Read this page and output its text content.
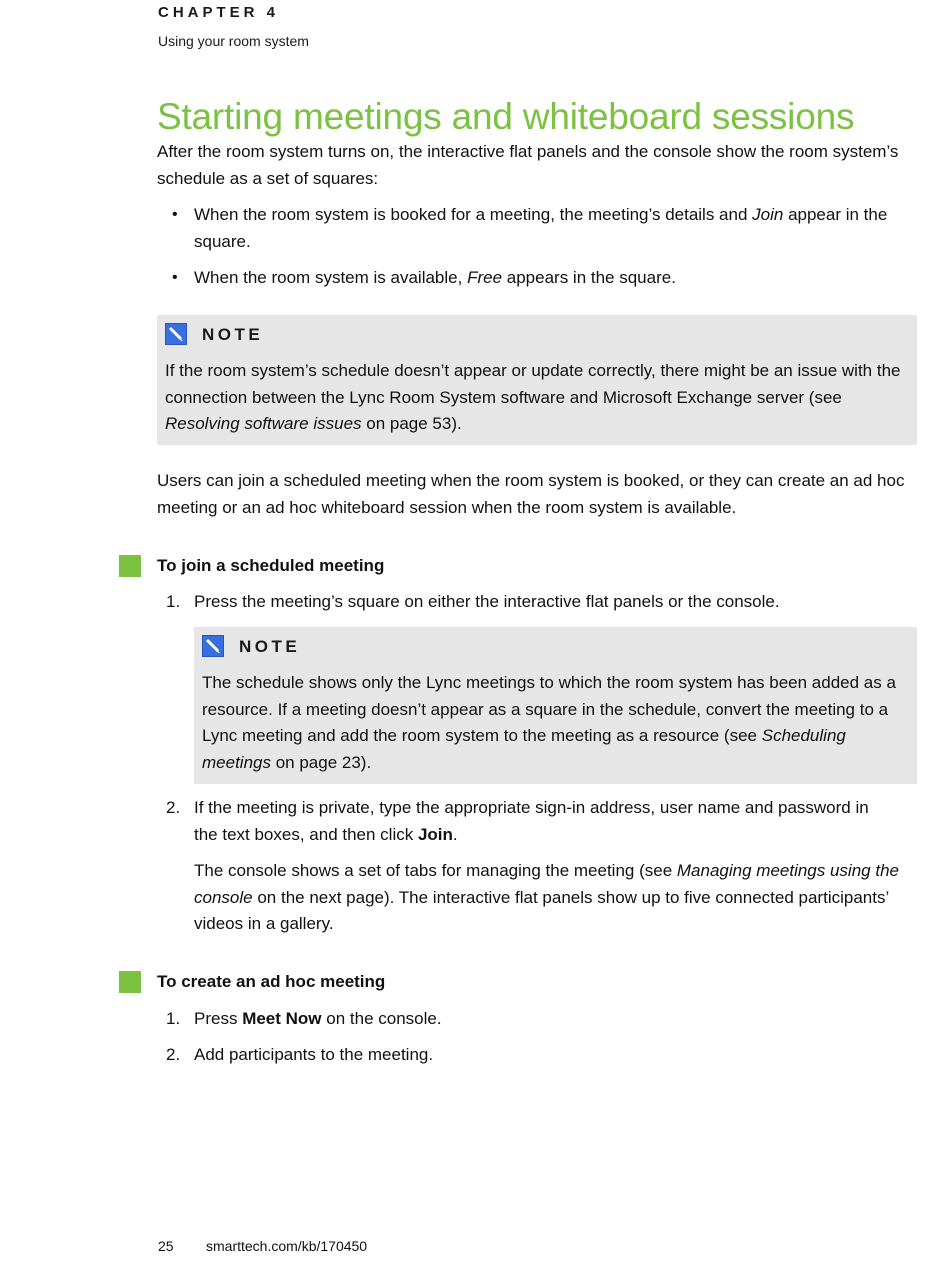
CHAPTER 4
Using your room system
Starting meetings and whiteboard sessions
After the room system turns on, the interactive flat panels and the console show the room system’s schedule as a set of squares:
• When the room system is booked for a meeting, the meeting’s details and Join appear in the square.
• When the room system is available, Free appears in the square.
NOTE
If the room system’s schedule doesn’t appear or update correctly, there might be an issue with the connection between the Lync Room System software and Microsoft Exchange server (see Resolving software issues on page 53).
Users can join a scheduled meeting when the room system is booked, or they can create an ad hoc meeting or an ad hoc whiteboard session when the room system is available.
To join a scheduled meeting
1. Press the meeting’s square on either the interactive flat panels or the console.
NOTE
The schedule shows only the Lync meetings to which the room system has been added as a resource. If a meeting doesn’t appear as a square in the schedule, convert the meeting to a Lync meeting and add the room system to the meeting as a resource (see Scheduling meetings on page 23).
2. If the meeting is private, type the appropriate sign-in address, user name and password in the text boxes, and then click Join.
The console shows a set of tabs for managing the meeting (see Managing meetings using the console on the next page). The interactive flat panels show up to five connected participants’ videos in a gallery.
To create an ad hoc meeting
1. Press Meet Now on the console.
2. Add participants to the meeting.
25 smarttech.com/kb/170450
